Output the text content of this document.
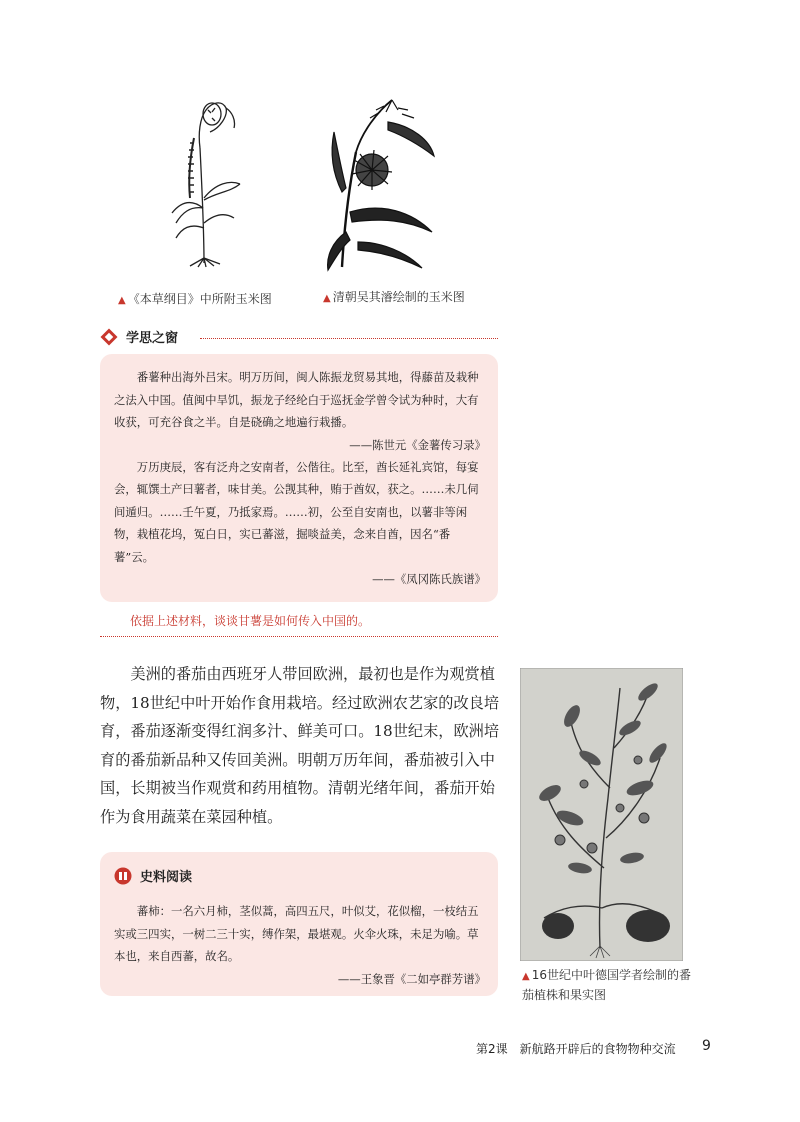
▲ 《本草纲目》中所附玉米图	▲ 清朝吴其濬绘制的玉米图
学思之窗

番薯种出海外吕宋。明万历间，闽人陈振龙贸易其地，得藤苗及栽种之法入中国。值闽中旱饥，振龙子经纶白于巡抚金学曾令试为种时，大有收获，可充谷食之半。自是硗确之地遍行栽播。

——陈世元《金薯传习录》

万历庚辰，客有泛舟之安南者，公偕往。比至，酋长延礼宾馆，每宴会，辄馔土产曰薯者，味甘美。公觊其种，贿于酋奴，获之。……未几伺间遁归。……壬午夏，乃抵家焉。……初，公至自安南也，以薯非等闲物，栽植花坞，冤白日，实已蕃滋，掘啖益美，念来自酋，因名“番薯”云。

——《凤冈陈氏族谱》
依据上述材料，谈谈甘薯是如何传入中国的。

美洲的番茄由西班牙人带回欧洲，最初也是作为观赏植物，18世纪中叶开始作食用栽培。经过欧洲农艺家的改良培育，番茄逐渐变得红润多汁、鲜美可口。18世纪末，欧洲培育的番茄新品种又传回美洲。明朝万历年间，番茄被引入中国，长期被当作观赏和药用植物。清朝光绪年间，番茄开始作为食用蔬菜在菜园种植。

▲ 16世纪中叶德国学者绘制的番
茄植株和果实图
史料阅读

蕃柿：一名六月柿，茎似蒿，高四五尺，叶似艾，花似榴，一枝结五实或三四实，一树二三十实，缚作架，最堪观。火伞火珠，未足为喻。草本也，来自西蕃，故名。

——王象晋《二如亭群芳谱》
第2课　新航路开辟后的食物物种交流 9
